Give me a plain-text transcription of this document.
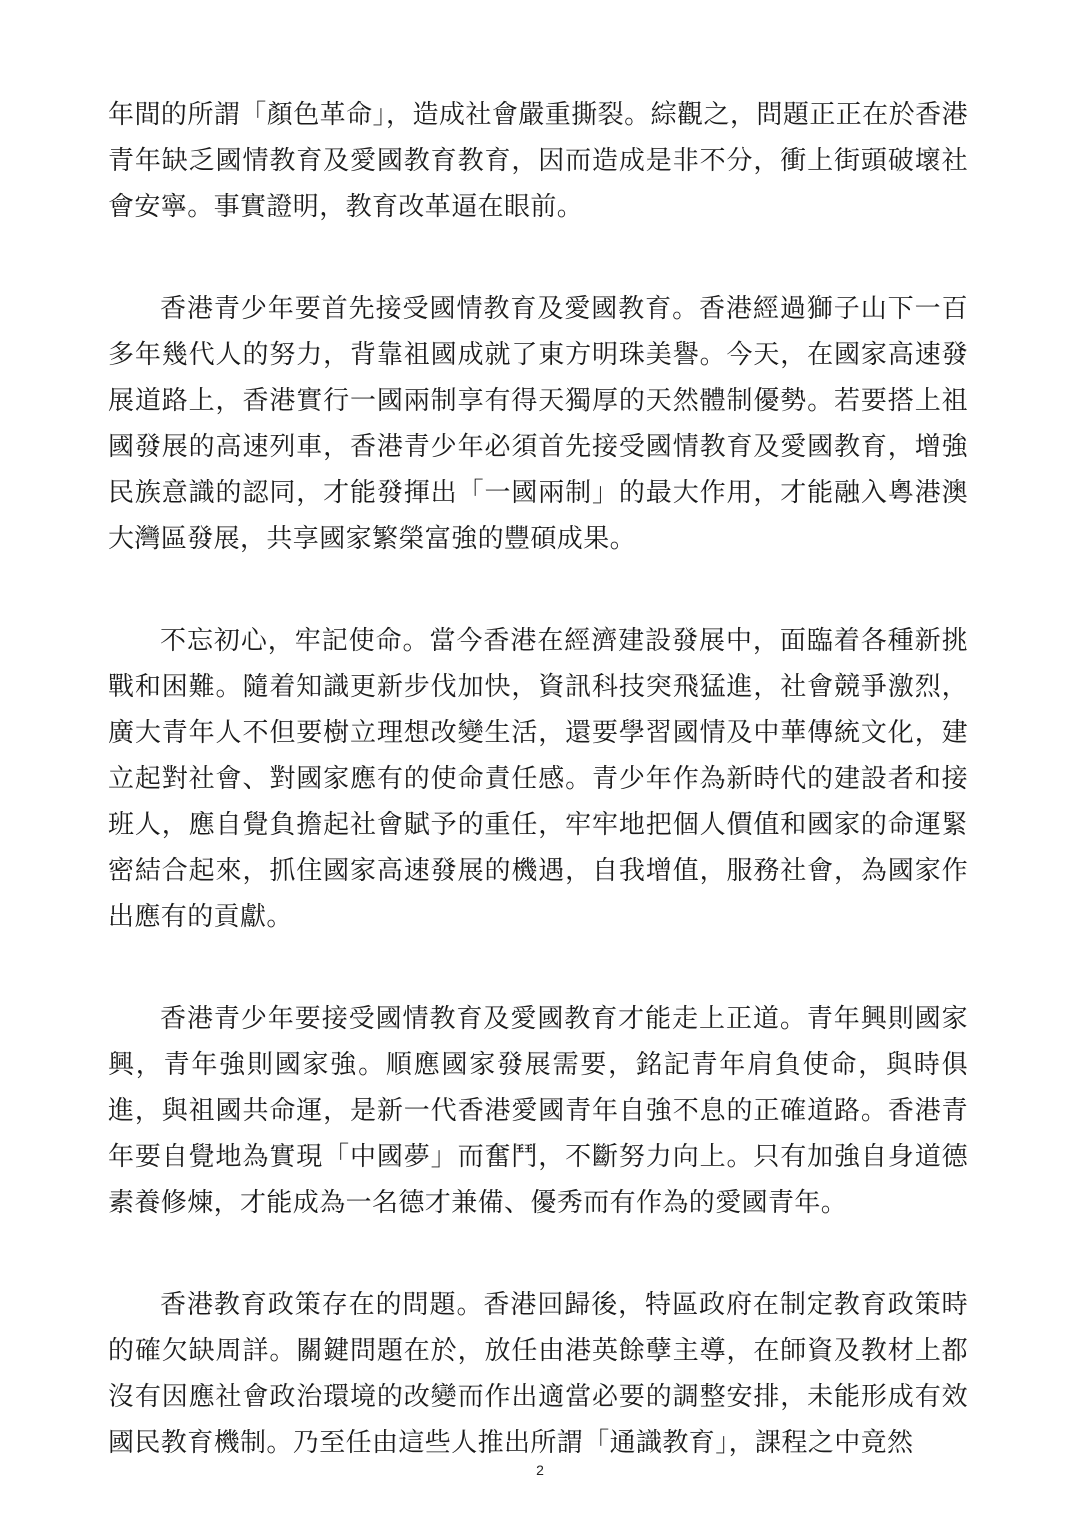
年間的所謂「顏色革命」，造成社會嚴重撕裂。綜觀之，問題正正在於香港青年缺乏國情教育及愛國教育教育，因而造成是非不分，衝上街頭破壞社會安寧。事實證明，教育改革逼在眼前。

香港青少年要首先接受國情教育及愛國教育。香港經過獅子山下一百多年幾代人的努力，背靠祖國成就了東方明珠美譽。今天，在國家高速發展道路上，香港實行一國兩制享有得天獨厚的天然體制優勢。若要搭上祖國發展的高速列車，香港青少年必須首先接受國情教育及愛國教育，增強民族意識的認同，才能發揮出「一國兩制」的最大作用，才能融入粵港澳大灣區發展，共享國家繁榮富強的豐碩成果。

不忘初心，牢記使命。當今香港在經濟建設發展中，面臨着各種新挑戰和困難。隨着知識更新步伐加快，資訊科技突飛猛進，社會競爭激烈，廣大青年人不但要樹立理想改變生活，還要學習國情及中華傳統文化，建立起對社會、對國家應有的使命責任感。青少年作為新時代的建設者和接班人，應自覺負擔起社會賦予的重任，牢牢地把個人價值和國家的命運緊密結合起來，抓住國家高速發展的機遇，自我增值，服務社會，為國家作出應有的貢獻。

香港青少年要接受國情教育及愛國教育才能走上正道。青年興則國家興，青年強則國家強。順應國家發展需要，銘記青年肩負使命，與時俱進，與祖國共命運，是新一代香港愛國青年自強不息的正確道路。香港青年要自覺地為實現「中國夢」而奮鬥，不斷努力向上。只有加強自身道德素養修煉，才能成為一名德才兼備、優秀而有作為的愛國青年。

香港教育政策存在的問題。香港回歸後，特區政府在制定教育政策時的確欠缺周詳。關鍵問題在於，放任由港英餘孽主導，在師資及教材上都沒有因應社會政治環境的改變而作出適當必要的調整安排，未能形成有效國民教育機制。乃至任由這些人推出所謂「通識教育」，課程之中竟然

2
